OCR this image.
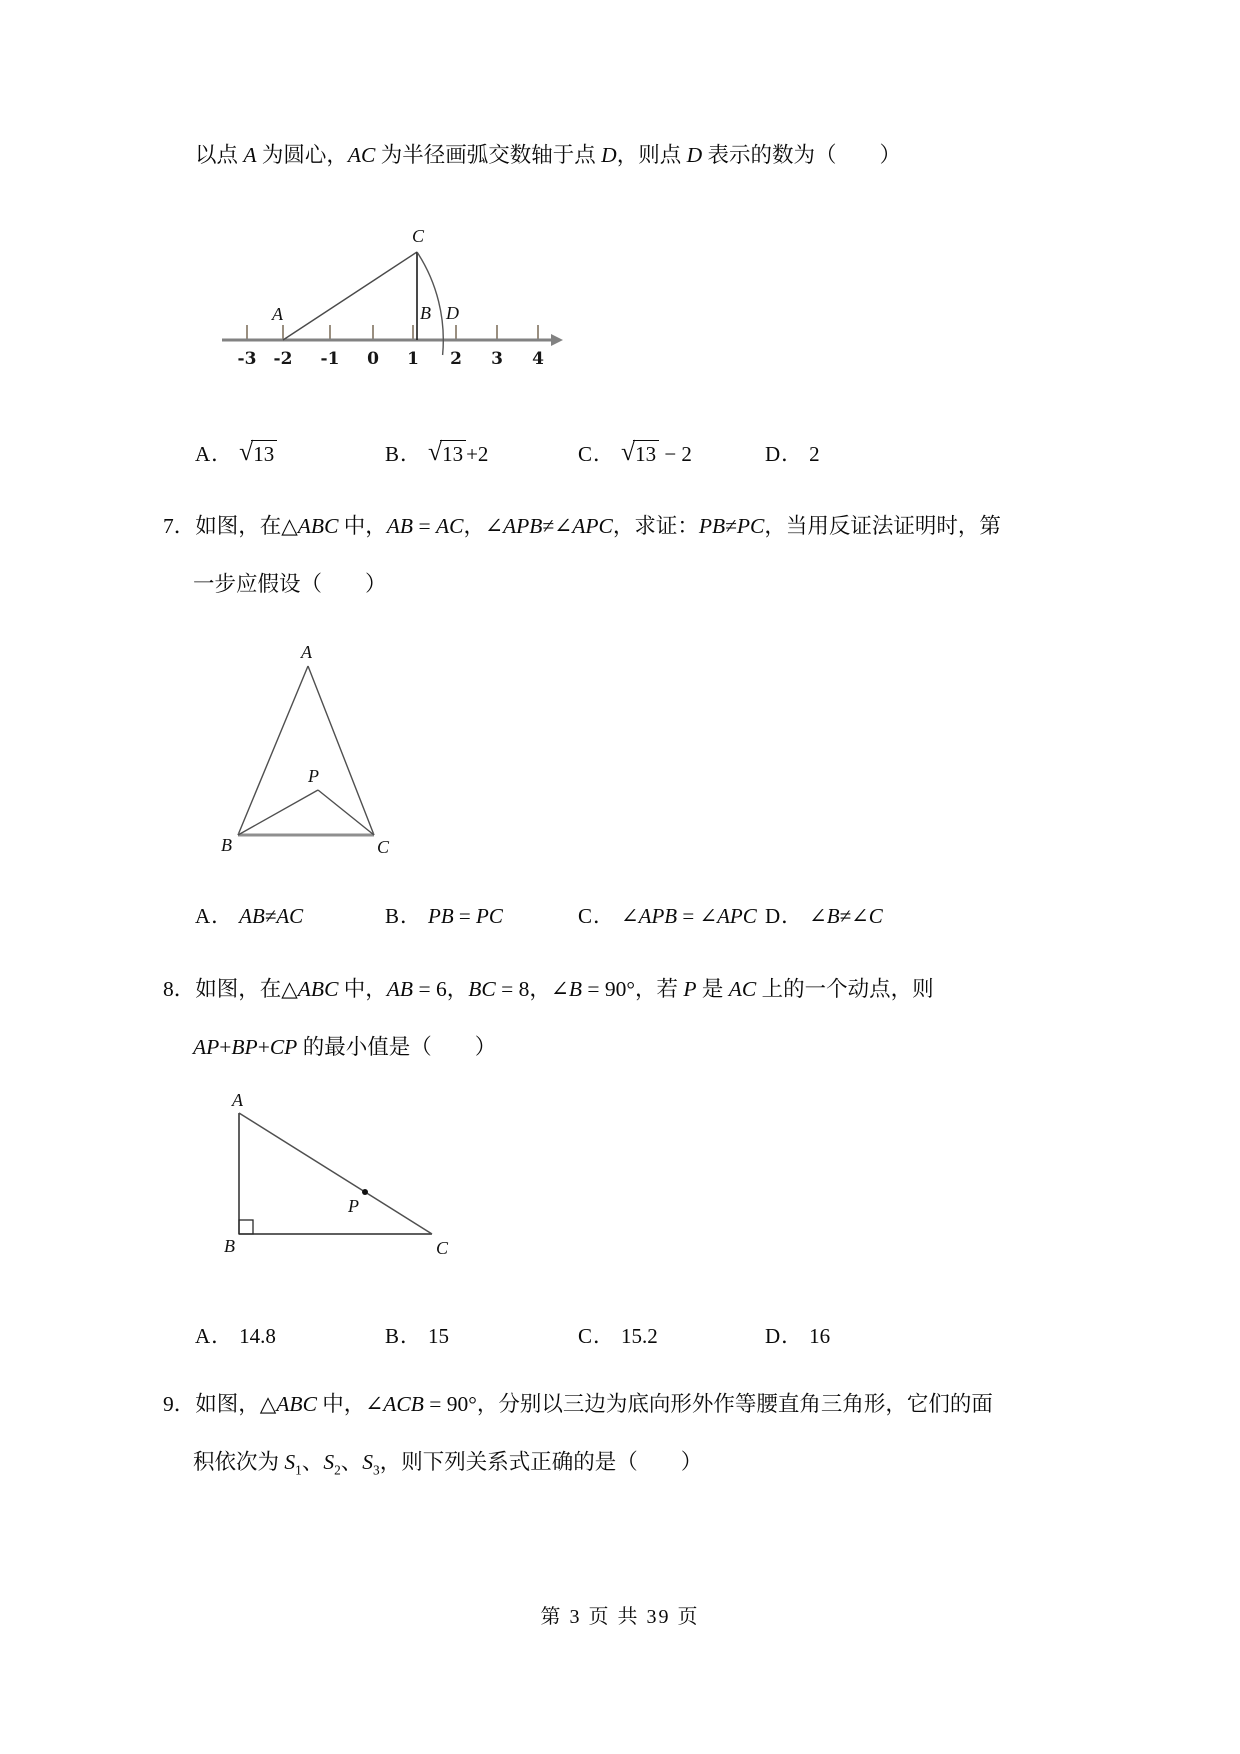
以点 A 为圆心，AC 为半径画弧交数轴于点 D，则点 D 表示的数为（　　）
A	B
C
D
-3 -2 -1 0 1 2 3 4
A． √13	B． √13 +2	C． √13 − 2	D． 2
7．如图，在△ABC 中，AB = AC，∠APB≠∠APC，求证：PB≠PC，当用反证法证明时，第
一步应假设（　　）
A
B	C
P
A． AB≠AC	B． PB = PC	C． ∠APB = ∠APC D． ∠B≠∠C
8．如图，在△ABC 中，AB = 6，BC = 8，∠B = 90°，若 P 是 AC 上的一个动点，则
AP+BP+CP 的最小值是（　　）
A
B	C
P
A． 14.8	B． 15	C． 15.2	D． 16
9．如图，△ABC 中，∠ACB = 90°，分别以三边为底向形外作等腰直角三角形，它们的面
积依次为 $S_1$、$S_2$、$S_3$，则下列关系式正确的是（　　）
第 3 页 共 39 页
